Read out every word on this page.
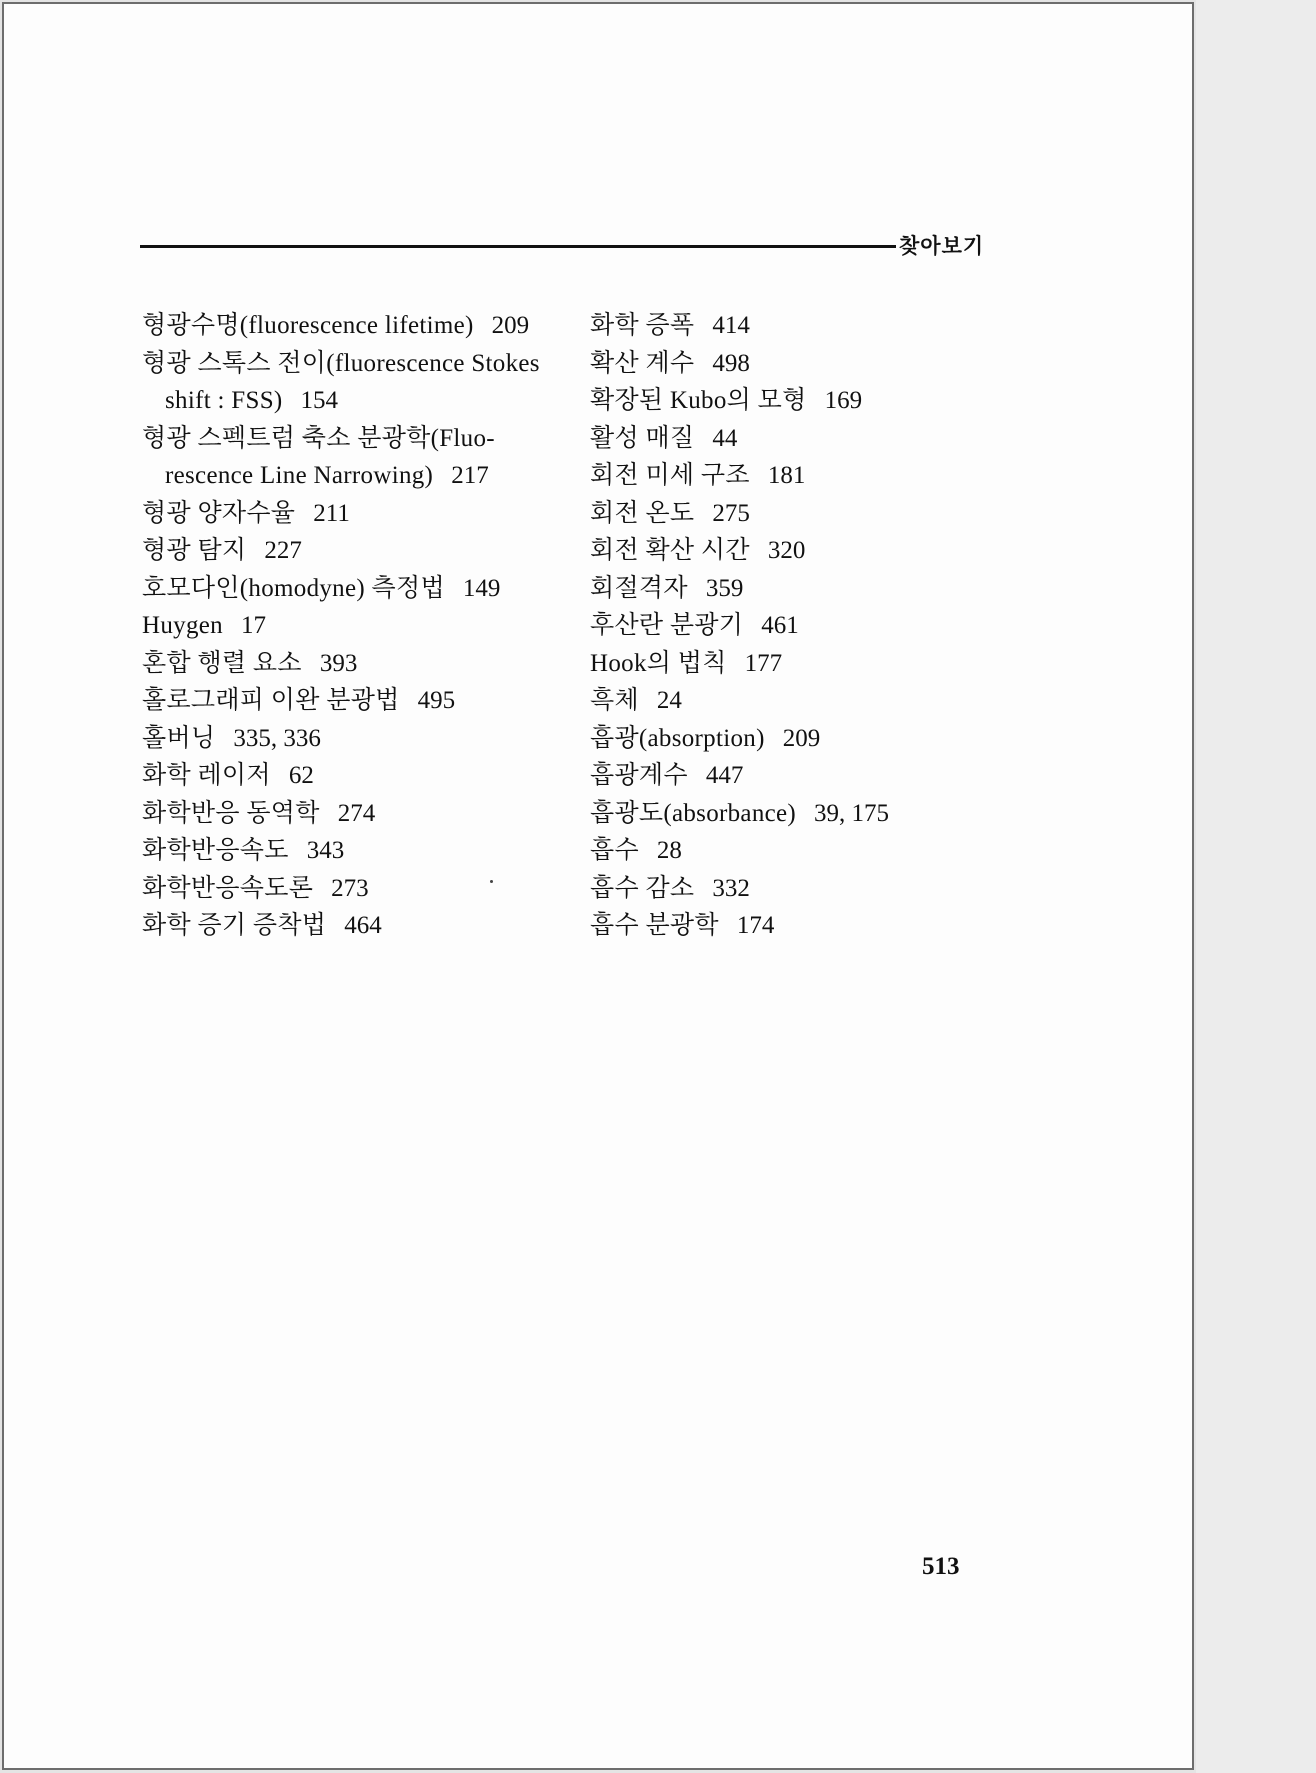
찾아보기
형광수명(fluorescence lifetime) 209
형광 스톡스 전이(fluorescence Stokes
shift : FSS) 154
형광 스펙트럼 축소 분광학(Fluo-
rescence Line Narrowing) 217
형광 양자수율 211
형광 탐지 227
호모다인(homodyne) 측정법 149
Huygen 17
혼합 행렬 요소 393
홀로그래피 이완 분광법 495
홀버닝 335, 336
화학 레이저 62
화학반응 동역학 274
화학반응속도 343
화학반응속도론 273
화학 증기 증착법 464
화학 증폭 414
확산 계수 498
확장된 Kubo의 모형 169
활성 매질 44
회전 미세 구조 181
회전 온도 275
회전 확산 시간 320
회절격자 359
후산란 분광기 461
Hook의 법칙 177
흑체 24
흡광(absorption) 209
흡광계수 447
흡광도(absorbance) 39, 175
흡수 28
흡수 감소 332
흡수 분광학 174
513
